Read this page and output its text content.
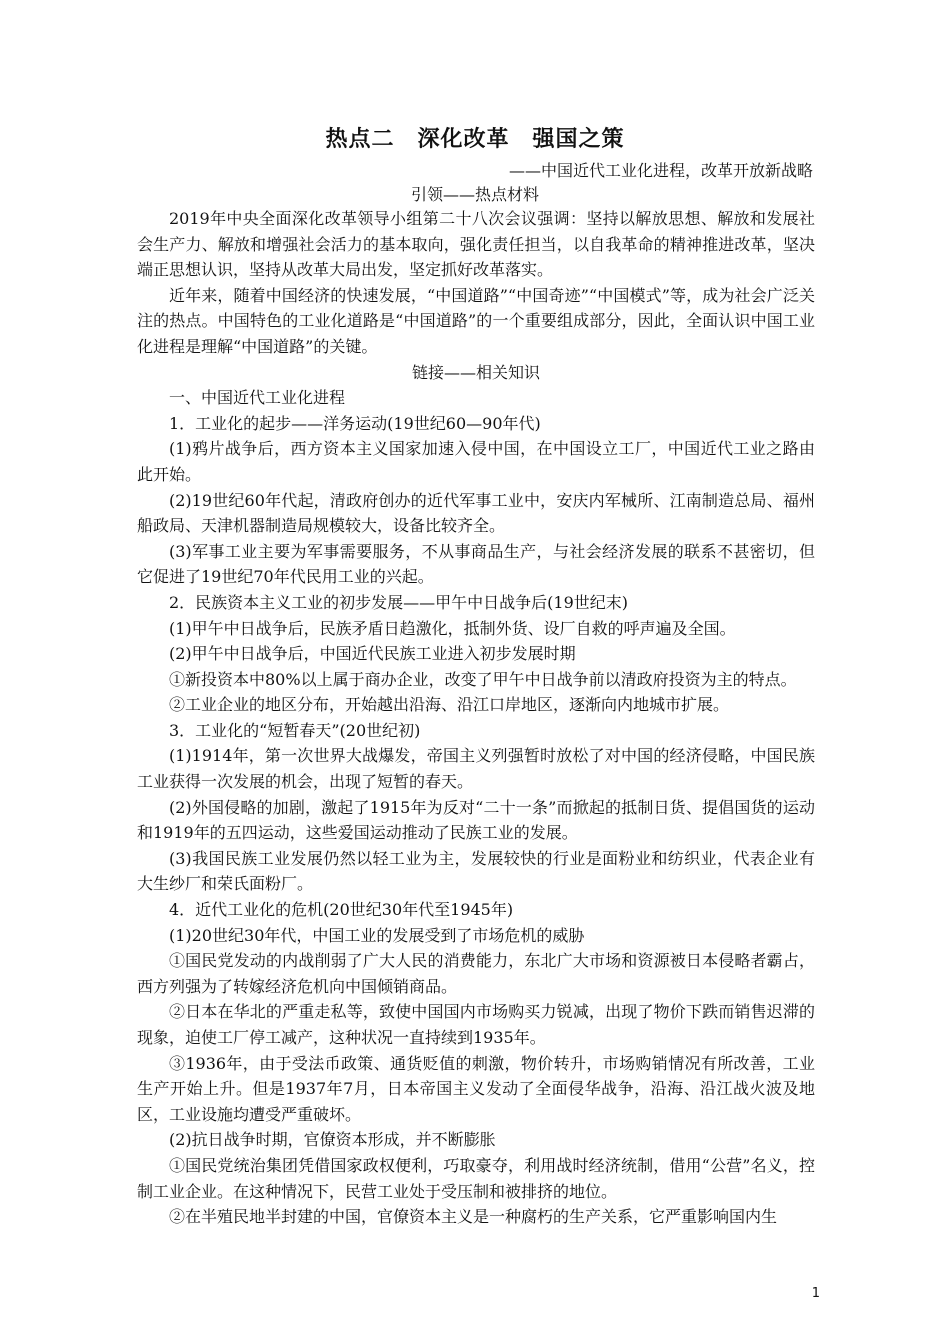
热点二　深化改革　强国之策
——中国近代工业化进程，改革开放新战略
引领——热点材料

2019年中央全面深化改革领导小组第二十八次会议强调：坚持以解放思想、解放和发展社会生产力、解放和增强社会活力的基本取向，强化责任担当，以自我革命的精神推进改革，坚决端正思想认识，坚持从改革大局出发，坚定抓好改革落实。

近年来，随着中国经济的快速发展，“中国道路”“中国奇迹”“中国模式”等，成为社会广泛关注的热点。中国特色的工业化道路是“中国道路”的一个重要组成部分，因此，全面认识中国工业化进程是理解“中国道路”的关键。

链接——相关知识

一、中国近代工业化进程

1．工业化的起步——洋务运动(19世纪60—90年代)

(1)鸦片战争后，西方资本主义国家加速入侵中国，在中国设立工厂，中国近代工业之路由此开始。

(2)19世纪60年代起，清政府创办的近代军事工业中，安庆内军械所、江南制造总局、福州船政局、天津机器制造局规模较大，设备比较齐全。

(3)军事工业主要为军事需要服务，不从事商品生产，与社会经济发展的联系不甚密切，但它促进了19世纪70年代民用工业的兴起。

2．民族资本主义工业的初步发展——甲午中日战争后(19世纪末)

(1)甲午中日战争后，民族矛盾日趋激化，抵制外货、设厂自救的呼声遍及全国。

(2)甲午中日战争后，中国近代民族工业进入初步发展时期

①新投资本中80%以上属于商办企业，改变了甲午中日战争前以清政府投资为主的特点。

②工业企业的地区分布，开始越出沿海、沿江口岸地区，逐渐向内地城市扩展。

3．工业化的“短暂春天”(20世纪初)

(1)1914年，第一次世界大战爆发，帝国主义列强暂时放松了对中国的经济侵略，中国民族工业获得一次发展的机会，出现了短暂的春天。

(2)外国侵略的加剧，激起了1915年为反对“二十一条”而掀起的抵制日货、提倡国货的运动和1919年的五四运动，这些爱国运动推动了民族工业的发展。

(3)我国民族工业发展仍然以轻工业为主，发展较快的行业是面粉业和纺织业，代表企业有大生纱厂和荣氏面粉厂。

4．近代工业化的危机(20世纪30年代至1945年)

(1)20世纪30年代，中国工业的发展受到了市场危机的威胁

①国民党发动的内战削弱了广大人民的消费能力，东北广大市场和资源被日本侵略者霸占，西方列强为了转嫁经济危机向中国倾销商品。

②日本在华北的严重走私等，致使中国国内市场购买力锐减，出现了物价下跌而销售迟滞的现象，迫使工厂停工减产，这种状况一直持续到1935年。

③1936年，由于受法币政策、通货贬值的刺激，物价转升，市场购销情况有所改善，工业生产开始上升。但是1937年7月，日本帝国主义发动了全面侵华战争，沿海、沿江战火波及地区，工业设施均遭受严重破坏。

(2)抗日战争时期，官僚资本形成，并不断膨胀

①国民党统治集团凭借国家政权便利，巧取豪夺，利用战时经济统制，借用“公营”名义，控制工业企业。在这种情况下，民营工业处于受压制和被排挤的地位。

②在半殖民地半封建的中国，官僚资本主义是一种腐朽的生产关系，它严重影响国内生

1
